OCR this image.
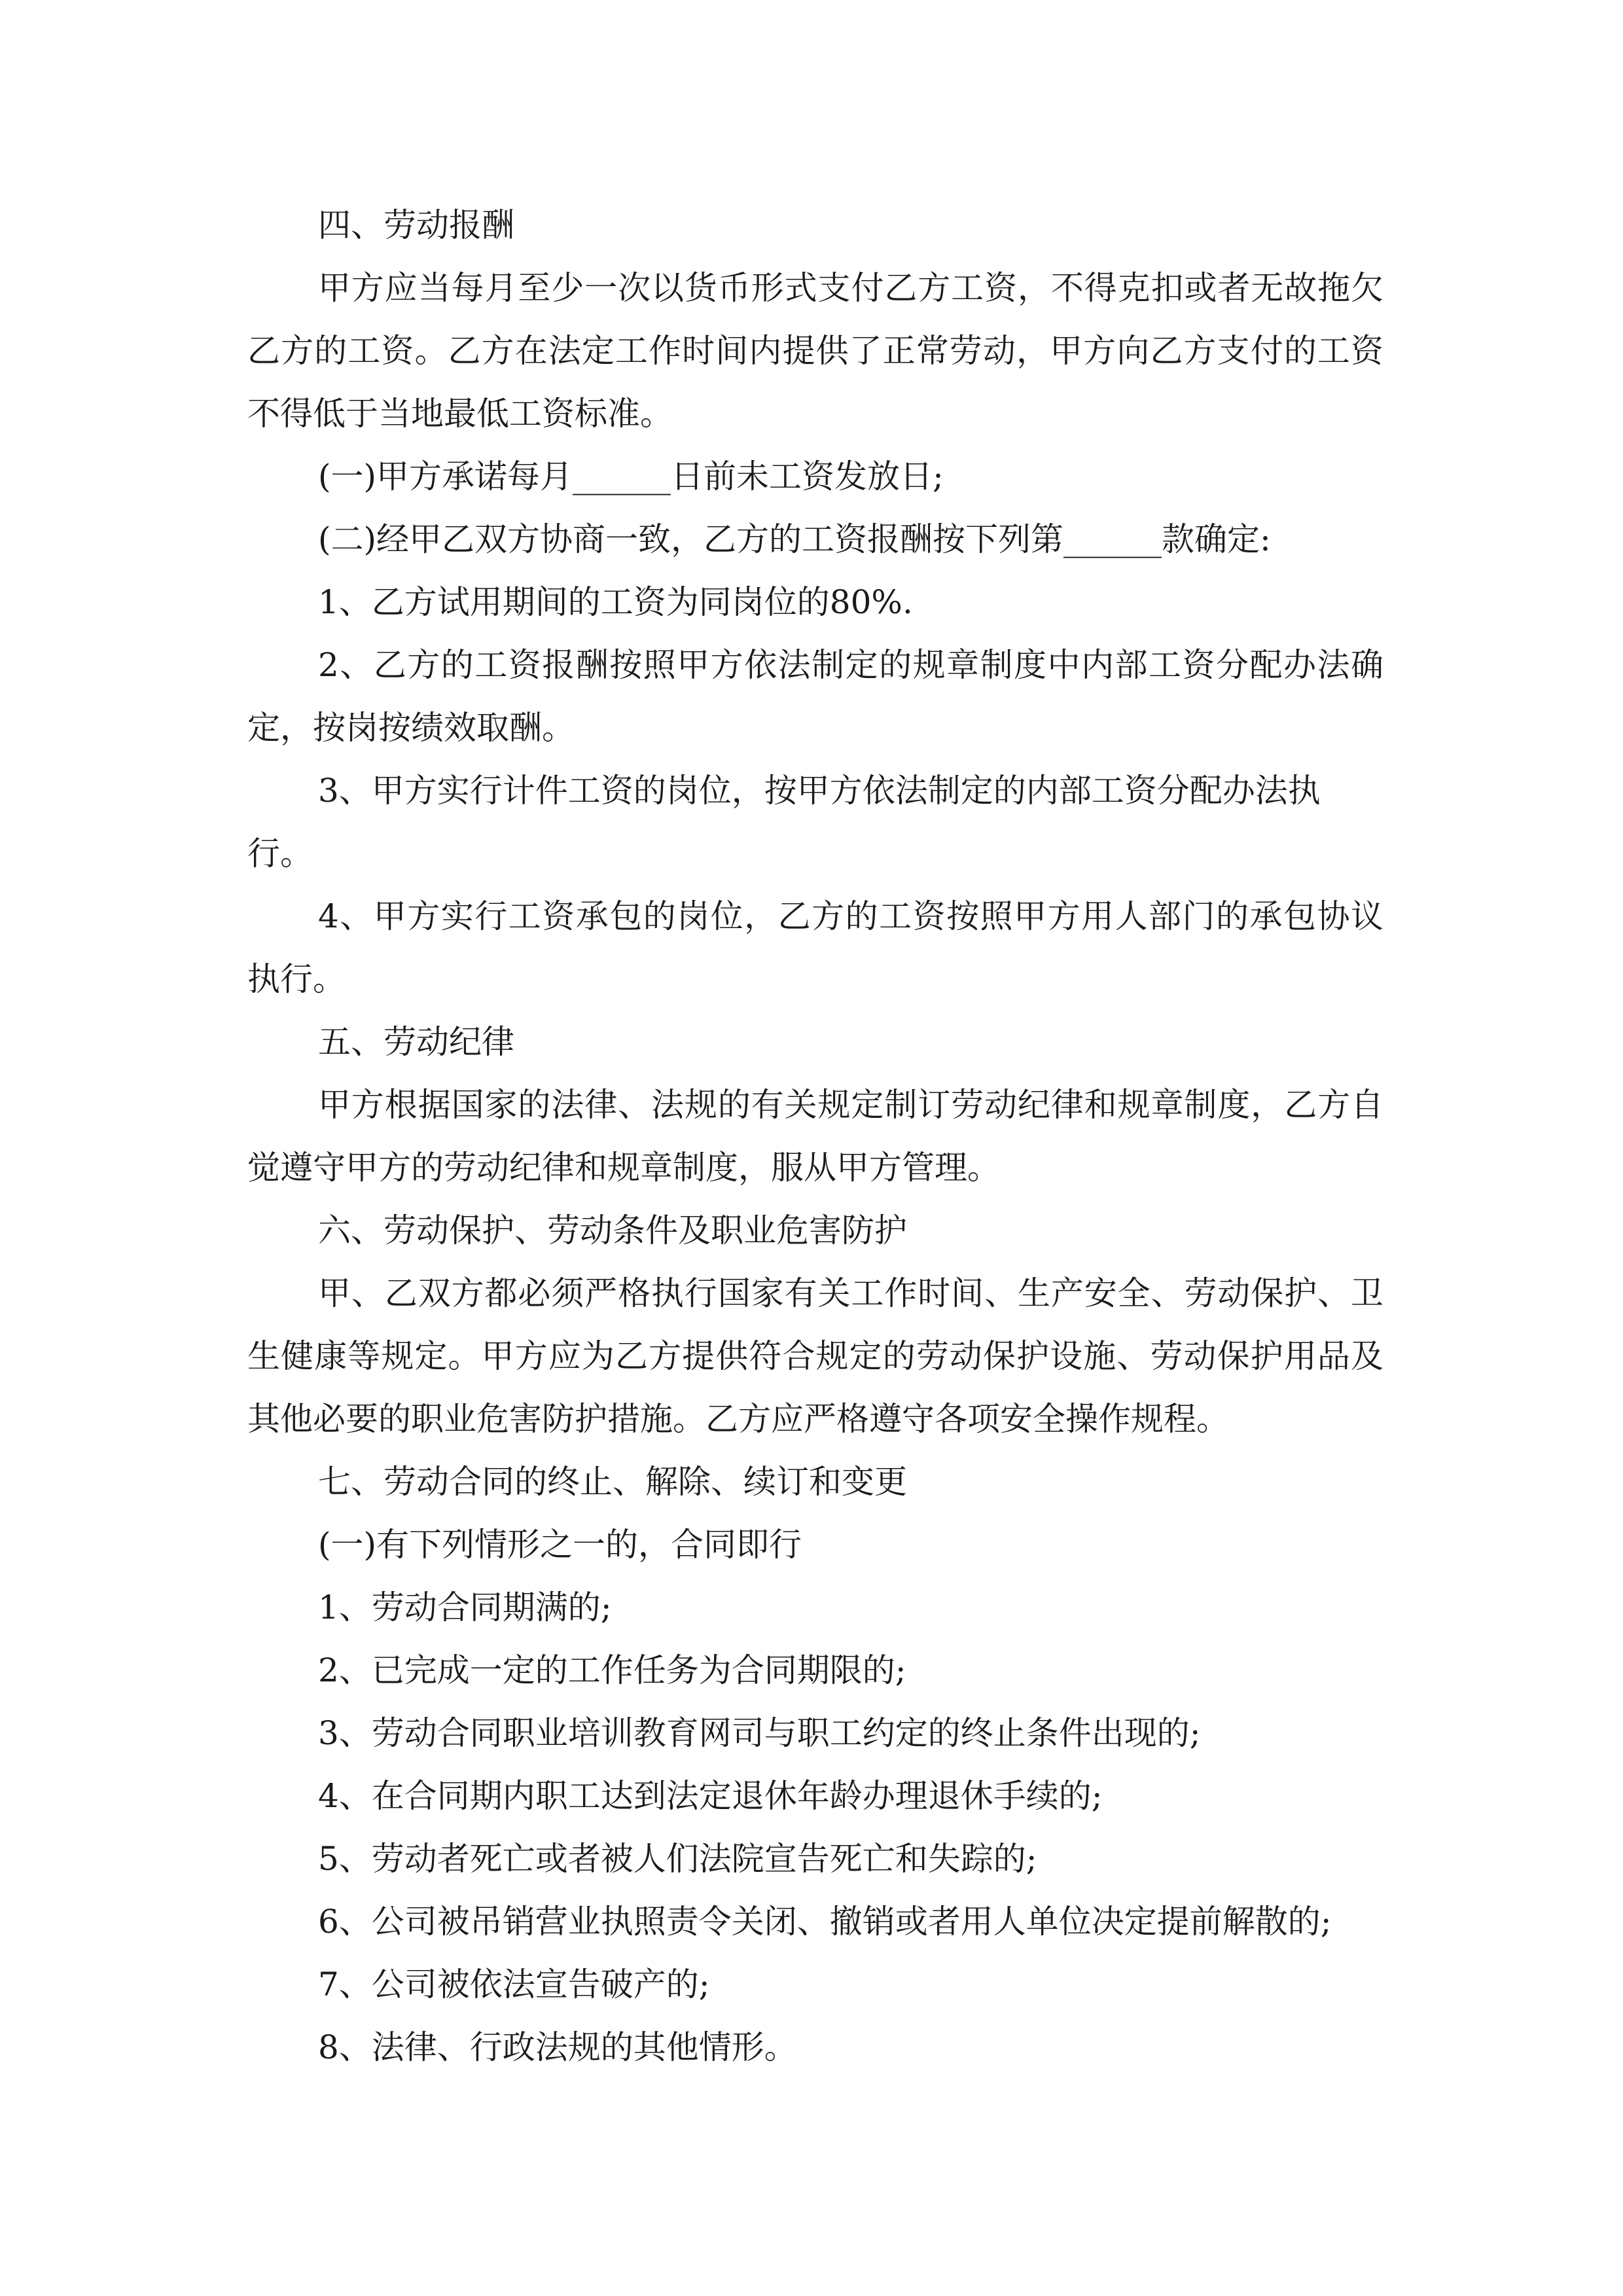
四、劳动报酬

甲方应当每月至少一次以货币形式支付乙方工资，不得克扣或者无故拖欠乙方的工资。乙方在法定工作时间内提供了正常劳动，甲方向乙方支付的工资不得低于当地最低工资标准。

(一)甲方承诺每月______日前未工资发放日;

(二)经甲乙双方协商一致，乙方的工资报酬按下列第______款确定:

1、乙方试用期间的工资为同岗位的80%.

2、乙方的工资报酬按照甲方依法制定的规章制度中内部工资分配办法确定，按岗按绩效取酬。

3、甲方实行计件工资的岗位，按甲方依法制定的内部工资分配办法执行。

4、甲方实行工资承包的岗位，乙方的工资按照甲方用人部门的承包协议执行。

五、劳动纪律

甲方根据国家的法律、法规的有关规定制订劳动纪律和规章制度，乙方自觉遵守甲方的劳动纪律和规章制度，服从甲方管理。

六、劳动保护、劳动条件及职业危害防护

甲、乙双方都必须严格执行国家有关工作时间、生产安全、劳动保护、卫生健康等规定。甲方应为乙方提供符合规定的劳动保护设施、劳动保护用品及其他必要的职业危害防护措施。乙方应严格遵守各项安全操作规程。

七、劳动合同的终止、解除、续订和变更

(一)有下列情形之一的，合同即行

1、劳动合同期满的;

2、已完成一定的工作任务为合同期限的;

3、劳动合同职业培训教育网司与职工约定的终止条件出现的;

4、在合同期内职工达到法定退休年龄办理退休手续的;

5、劳动者死亡或者被人们法院宣告死亡和失踪的;

6、公司被吊销营业执照责令关闭、撤销或者用人单位决定提前解散的;

7、公司被依法宣告破产的;

8、法律、行政法规的其他情形。
